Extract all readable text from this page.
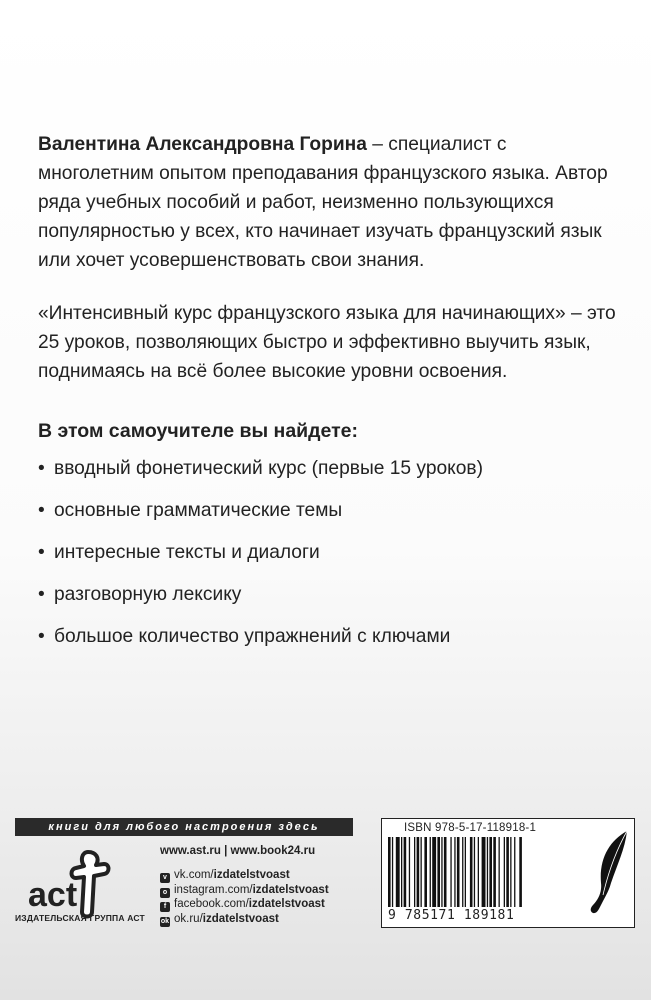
Валентина Александровна Горина – специалист с многолетним опытом преподавания французского языка. Автор ряда учебных пособий и работ, неизменно пользующихся популярностью у всех, кто начинает изучать французский язык или хочет усовершенствовать свои знания.

«Интенсивный курс французского языка для начинающих» – это 25 уроков, позволяющих быстро и эффективно выучить язык, поднимаясь на всё более высокие уровни освоения.

В этом самоучителе вы найдете:

• вводный фонетический курс (первые 15 уроков)
• основные грамматические темы
• интересные тексты и диалоги
• разговорную лексику
• большое количество упражнений с ключами
книги для любого настроения здесь
act
ИЗДАТЕЛЬСКАЯ ГРУППА АСТ
www.ast.ru | www.book24.ru
v vk.com/izdatelstvoast
o instagram.com/izdatelstvoast
f facebook.com/izdatelstvoast
ok ok.ru/izdatelstvoast
ISBN 978-5-17-118918-1
9 785171 189181
